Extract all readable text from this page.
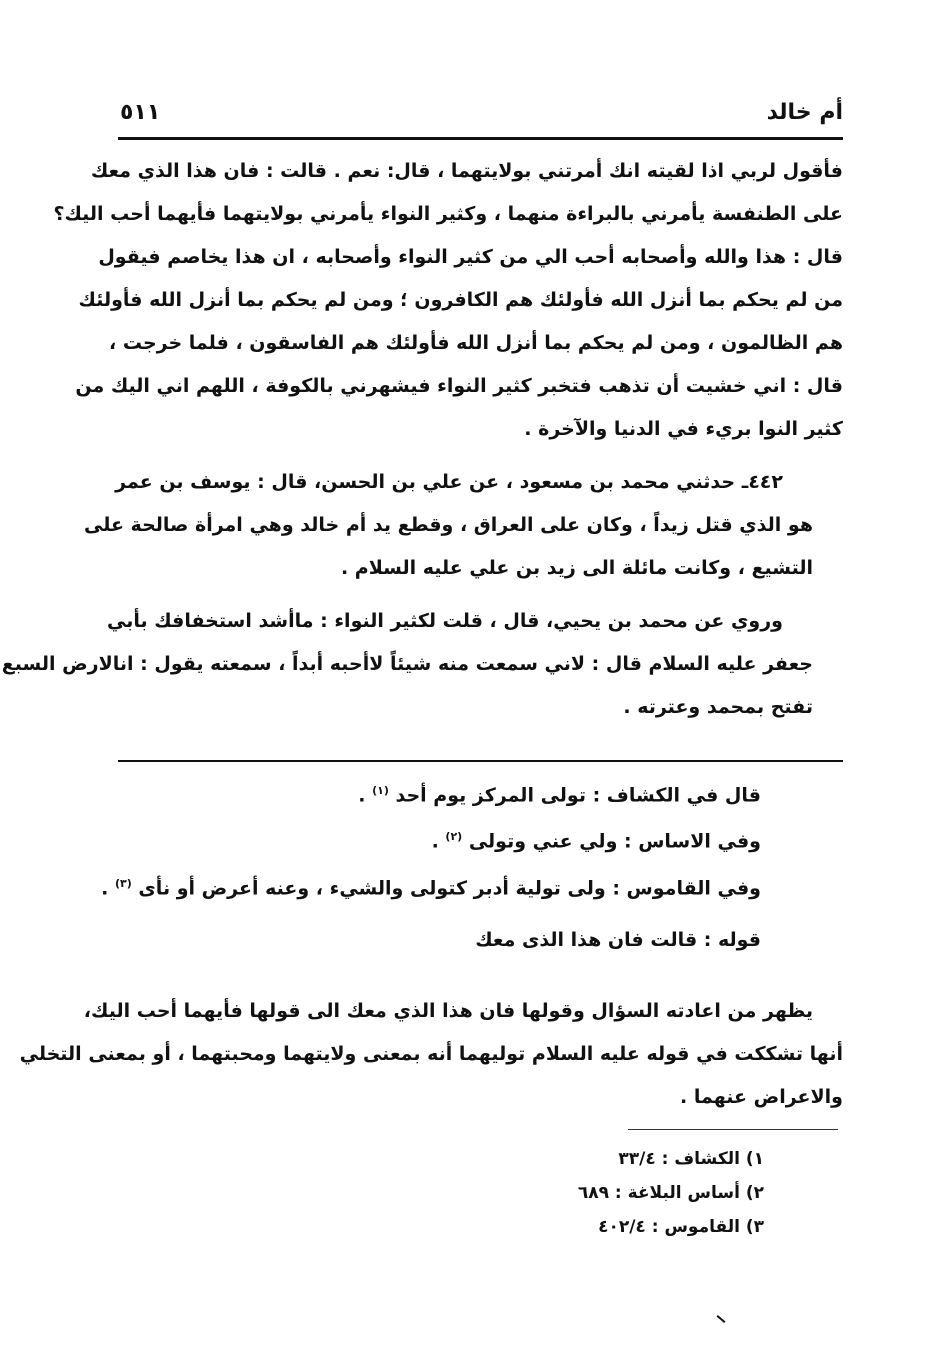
أم خالد
٥١١

فأقول لربي اذا لقيته انك أمرتني بولايتهما ، قال: نعم . قالت : فان هذا الذي معك
على الطنفسة يأمرني بالبراءة منهما ، وكثير النواء يأمرني بولايتهما فأيهما أحب اليك؟
قال : هذا والله وأصحابه أحب الي من كثير النواء وأصحابه ، ان هذا يخاصم فيقول
من لم يحكم بما أنزل الله فأولئك هم الكافرون ؛ ومن لم يحكم بما أنزل الله فأولئك
هم الظالمون ، ومن لم يحكم بما أنزل الله فأولئك هم الفاسقون ، فلما خرجت ،
قال : اني خشيت أن تذهب فتخبر كثير النواء فيشهرني بالكوفة ، اللهم اني اليك من
كثير النوا بريء في الدنيا والآخرة .

٤٤٢ـ حدثني محمد بن مسعود ، عن علي بن الحسن، قال : يوسف بن عمر
هو الذي قتل زيداً ، وكان على العراق ، وقطع يد أم خالد وهي امرأة صالحة على
التشيع ، وكانت مائلة الى زيد بن علي عليه السلام .

وروي عن محمد بن يحيي، قال ، قلت لكثير النواء : ماأشد استخفافك بأبي
جعفر عليه السلام قال : لاني سمعت منه شيئاً لاأحبه أبداً ، سمعته يقول : انالارض السبع
تفتح بمحمد وعترته .

قال في الكشاف : تولى المركز يوم أحد $^{(١)}$ .
وفي الاساس : ولي عني وتولى $^{(٢)}$ .
وفي القاموس : ولى تولية أدبر كتولى والشيء ، وعنه أعرض أو نأى $^{(٣)}$ .
قوله : قالت فان هذا الذى معك
يظهر من اعادته السؤال وقولها فان هذا الذي معك الى قولها فأيهما أحب اليك،
أنها تشككت في قوله عليه السلام توليهما أنه بمعنى ولايتهما ومحبتهما ، أو بمعنى التخلي
والاعراض عنهما .
١) الكشاف : ٣٣/٤
٢) أساس البلاغة : ٦٨٩
٣) القاموس : ٤٠٢/٤
